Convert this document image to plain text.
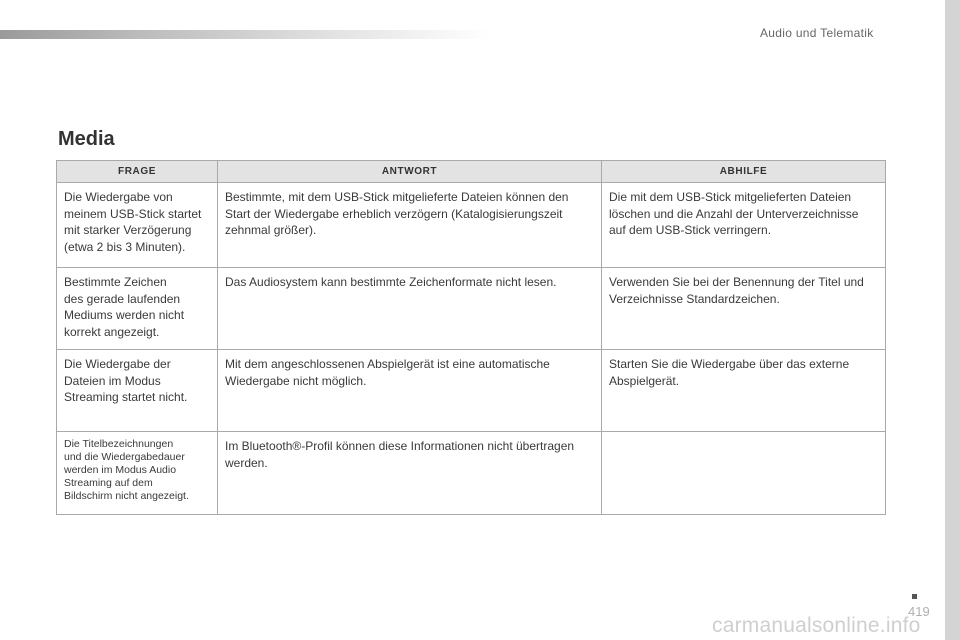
Audio und Telematik
Media
FRAGE	ANTWORT	ABHILFE

Die Wiedergabe von
meinem USB-Stick startet
mit starker Verzögerung
(etwa 2 bis 3 Minuten).	Bestimmte, mit dem USB-Stick mitgelieferte Dateien können den
Start der Wiedergabe erheblich verzögern (Katalogisierungszeit
zehnmal größer).	Die mit dem USB-Stick mitgelieferten Dateien
löschen und die Anzahl der Unterverzeichnisse
auf dem USB-Stick verringern.

Bestimmte Zeichen
des gerade laufenden
Mediums werden nicht
korrekt angezeigt.	Das Audiosystem kann bestimmte Zeichenformate nicht lesen.	Verwenden Sie bei der Benennung der Titel und
Verzeichnisse Standardzeichen.

Die Wiedergabe der
Dateien im Modus
Streaming startet nicht.	Mit dem angeschlossenen Abspielgerät ist eine automatische
Wiedergabe nicht möglich.	Starten Sie die Wiedergabe über das externe
Abspielgerät.

Die Titelbezeichnungen
und die Wiedergabedauer
werden im Modus Audio
Streaming auf dem
Bildschirm nicht angezeigt.	Im Bluetooth®-Profil können diese Informationen nicht übertragen
werden.	

419
carmanualsonline.info
